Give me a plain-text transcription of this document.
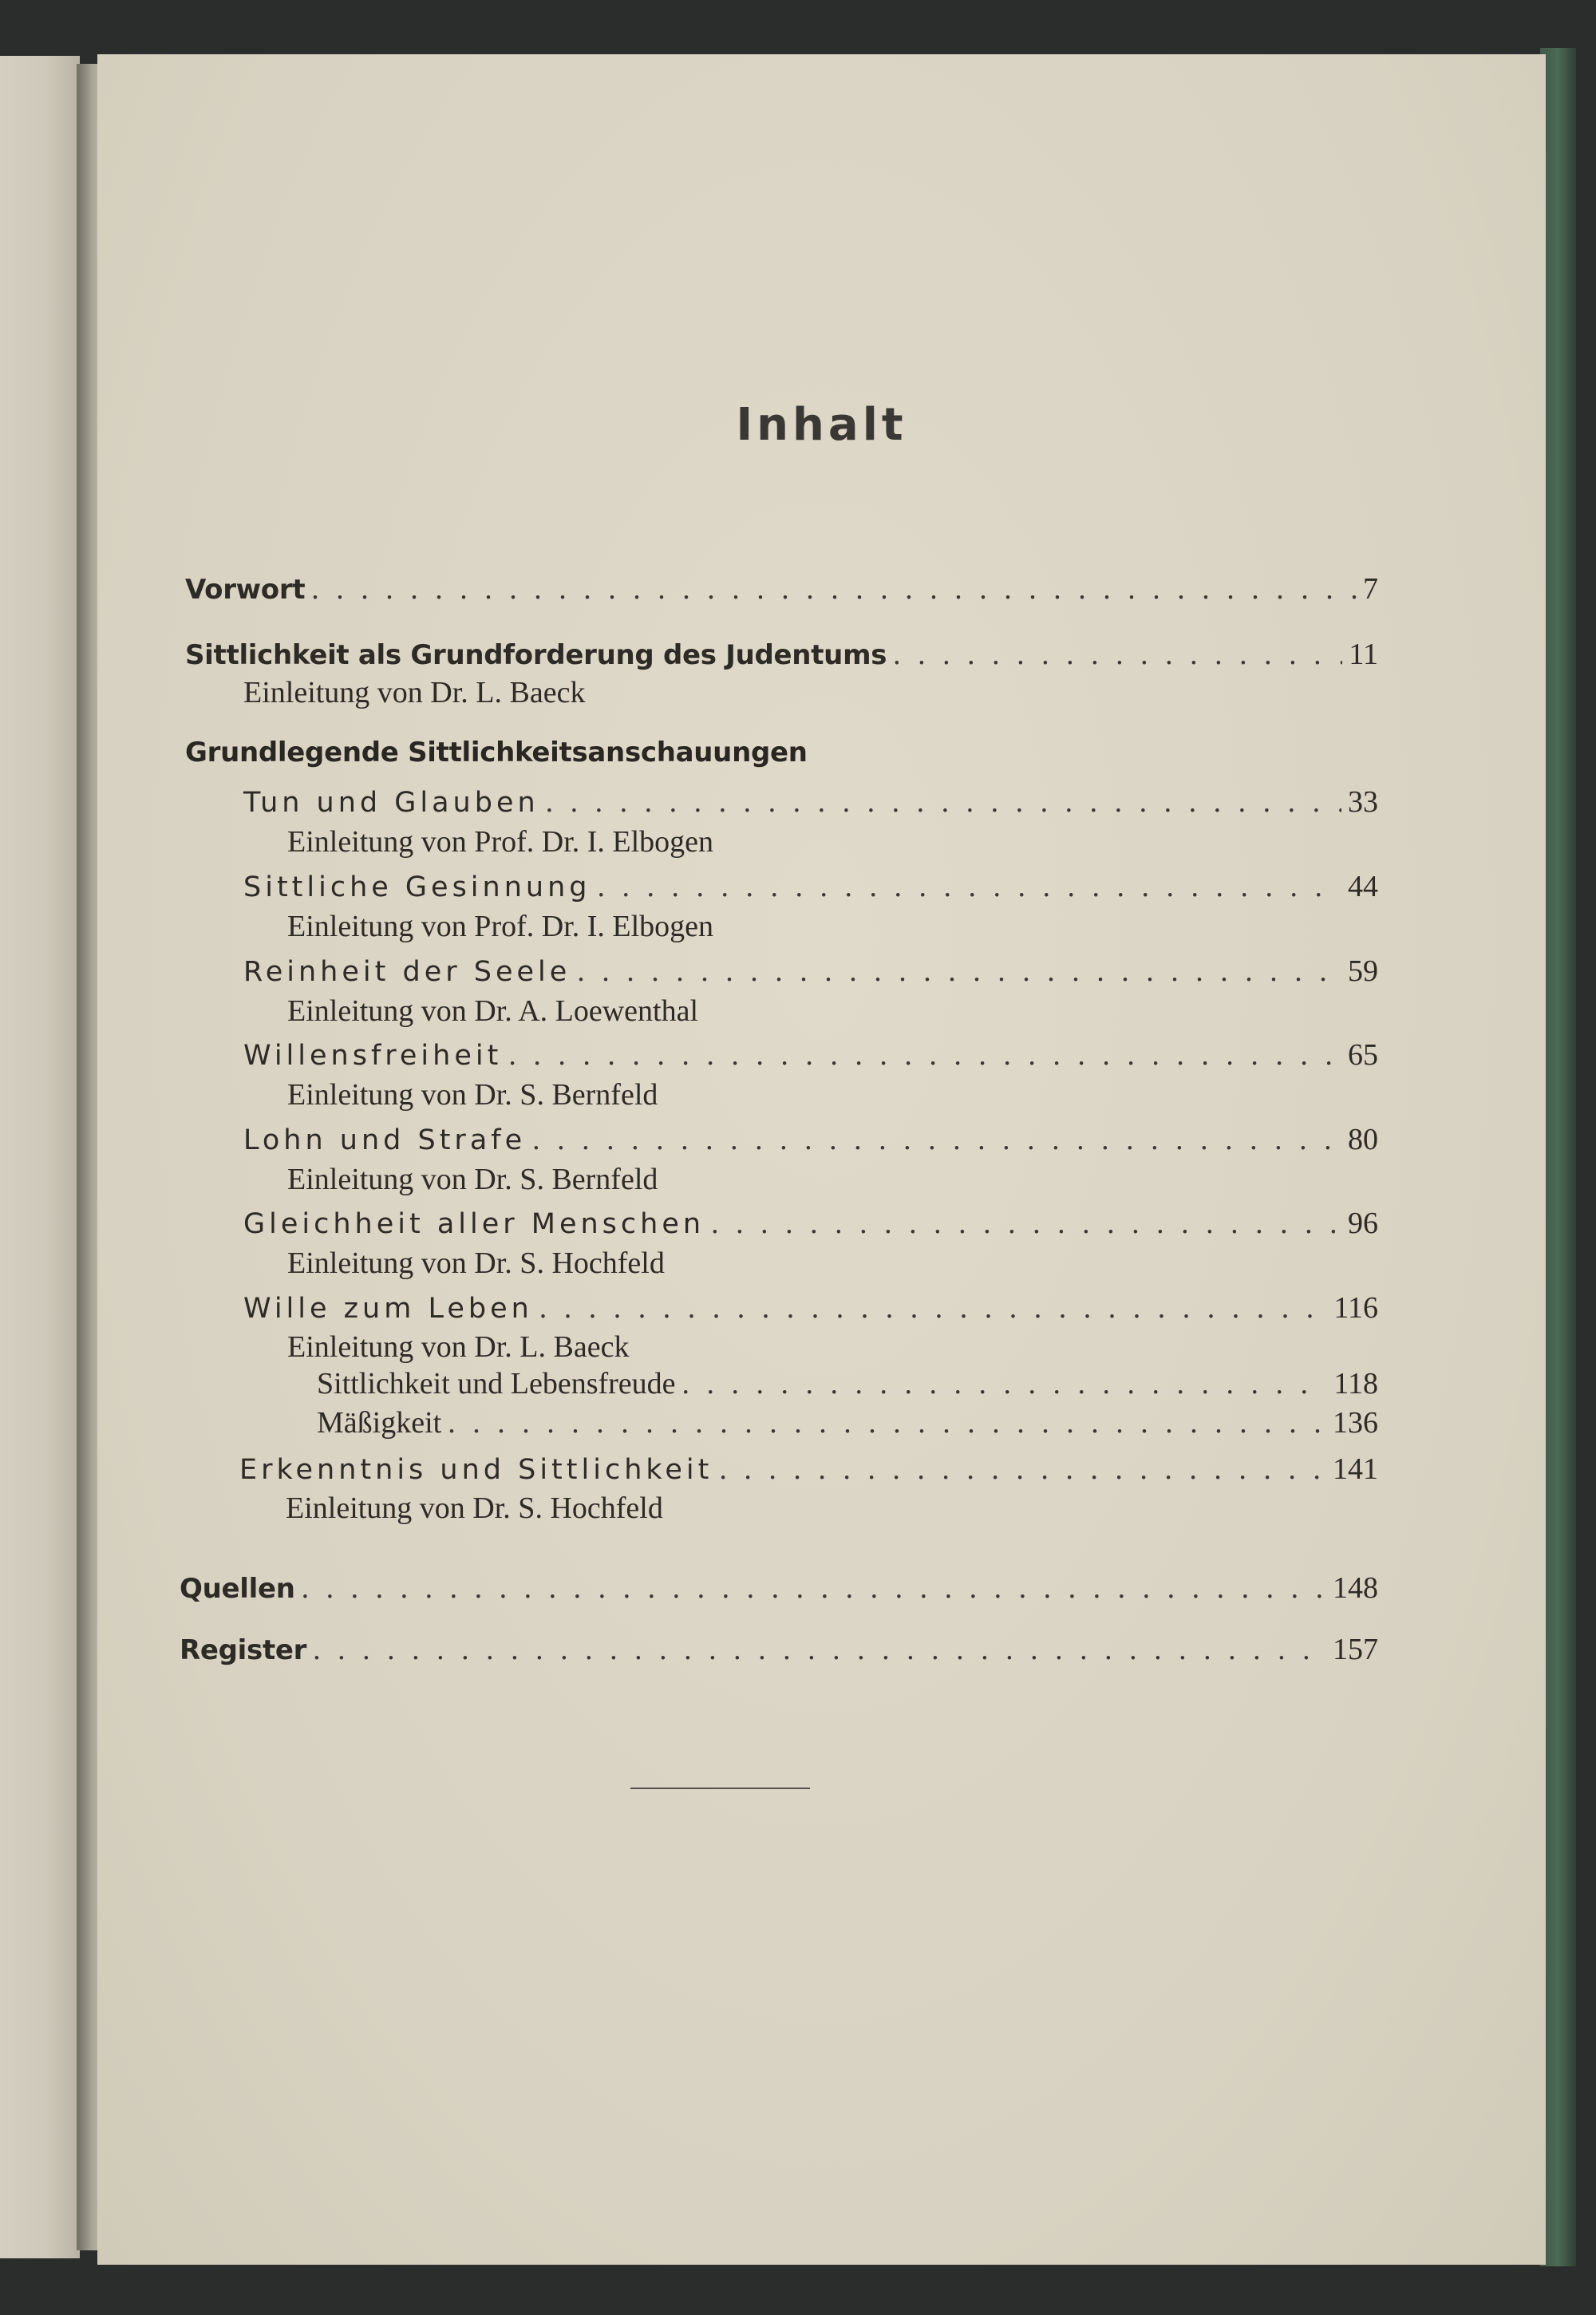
Inhalt
Vorwort . . .	7
Sittlichkeit als Grundforderung des Judentums . . .	11
Einleitung von Dr. L. Baeck
Grundlegende Sittlichkeitsanschauungen
Tun und Glauben . . .	33
Einleitung von Prof. Dr. I. Elbogen
Sittliche Gesinnung . . .	44
Einleitung von Prof. Dr. I. Elbogen
Reinheit der Seele . . .	59
Einleitung von Dr. A. Loewenthal
Willensfreiheit . . .	65
Einleitung von Dr. S. Bernfeld
Lohn und Strafe . . .	80
Einleitung von Dr. S. Bernfeld
Gleichheit aller Menschen . . .	96
Einleitung von Dr. S. Hochfeld
Wille zum Leben . . .	116
Einleitung von Dr. L. Baeck
Sittlichkeit und Lebensfreude . . .	118
Mäßigkeit . . .	136
Erkenntnis und Sittlichkeit . . .	141
Einleitung von Dr. S. Hochfeld
Quellen . . .	148
Register . . .	157
